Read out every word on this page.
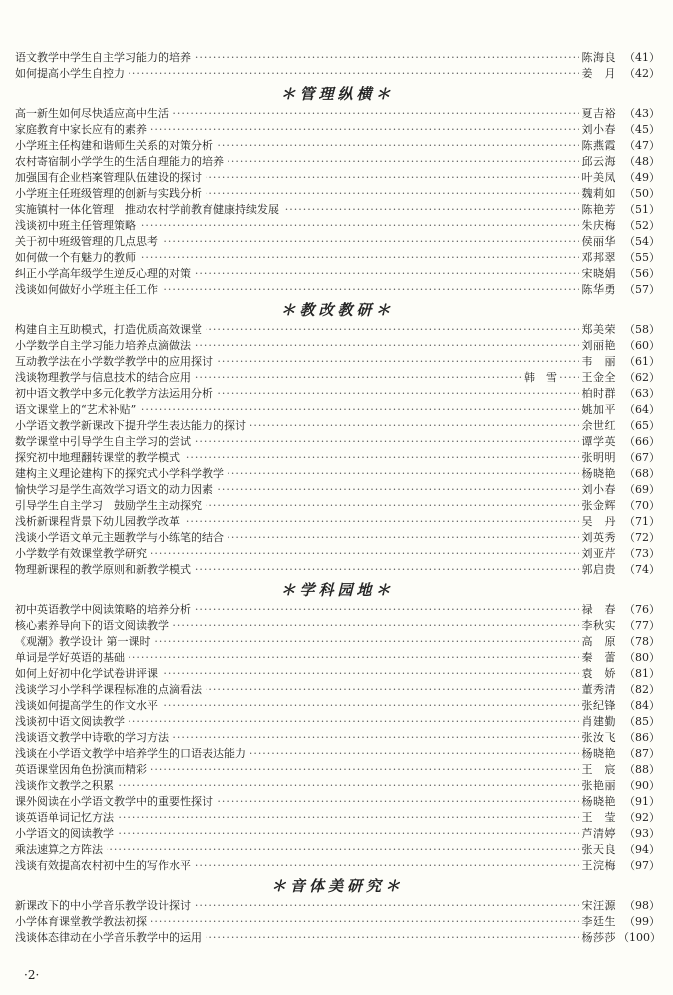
·····
语文教学中学生自主学习能力的培养	陈海良 （41）
·····
如何提高小学生自控力	姜　月 （42）
＊管理纵横＊
·····
高一新生如何尽快适应高中生活	夏吉裕 （43）
·····
家庭教育中家长应有的素养	刘小春 （45）
·····
小学班主任构建和谐师生关系的对策分析	陈燕霞 （47）
·····
农村寄宿制小学学生的生活自理能力的培养	邱云海 （48）
·····
加强国有企业档案管理队伍建设的探讨	叶美凤 （49）
·····
小学班主任班级管理的创新与实践分析	魏莉如 （50）
·····
实施镇村一体化管理　推动农村学前教育健康持续发展	陈艳芳 （51）
·····
浅谈初中班主任管理策略	朱庆梅 （52）
·····
关于初中班级管理的几点思考	侯丽华 （54）
·····
如何做一个有魅力的教师	邓邦翠 （55）
·····
纠正小学高年级学生逆反心理的对策	宋晓娟 （56）
·····
浅谈如何做好小学班主任工作	陈华勇 （57）
＊教改教研＊
·····
构建自主互助模式，打造优质高效课堂	郑美荣 （58）
·····
小学数学自主学习能力培养点滴做法	刘丽艳 （60）
·····
互动教学法在小学数学教学中的应用探讨	韦　丽 （61）
·····
浅谈物理教学与信息技术的结合应用	韩　雪 王金全 （62）
·····
初中语文教学中多元化教学方法运用分析	柏时群 （63）
·····
语文课堂上的“艺术补贴”	姚加平 （64）
·····
小学语文教学新课改下提升学生表达能力的探讨	余世红 （65）
·····
数学课堂中引导学生自主学习的尝试	谭学英 （66）
·····
探究初中地理翻转课堂的教学模式	张明明 （67）
·····
建构主义理论建构下的探究式小学科学教学	杨晓艳 （68）
·····
愉快学习是学生高效学习语文的动力因素	刘小春 （69）
·····
引导学生自主学习　鼓励学生主动探究	张金辉 （70）
·····
浅析新课程背景下幼儿园教学改革	吴　丹 （71）
·····
浅谈小学语文单元主题教学与小练笔的结合	刘英秀 （72）
·····
小学数学有效课堂教学研究	刘亚芹 （73）
·····
物理新课程的教学原则和新教学模式	郭启贵 （74）
＊学科园地＊
·····
初中英语教学中阅读策略的培养分析	禄　春 （76）
·····
核心素养导向下的语文阅读教学	李秋实 （77）
·····
《观潮》教学设计 第一课时	高　原 （78）
·····
单词是学好英语的基础	秦　蕾 （80）
·····
如何上好初中化学试卷讲评课	袁　娇 （81）
·····
浅谈学习小学科学课程标准的点滴看法	董秀清 （82）
·····
浅谈如何提高学生的作文水平	张纪锋 （84）
·····
浅谈初中语文阅读教学	肖建勤 （85）
·····
浅谈语文教学中诗歌的学习方法	张汝飞 （86）
·····
浅谈在小学语文教学中培养学生的口语表达能力	杨晓艳 （87）
·····
英语课堂因角色扮演而精彩	王　宸 （88）
·····
浅谈作文教学之积累	张艳丽 （90）
·····
课外阅读在小学语文教学中的重要性探讨	杨晓艳 （91）
·····
谈英语单词记忆方法	王　莹 （92）
·····
小学语文的阅读教学	芦清婷 （93）
·····
乘法速算之方阵法	张天良 （94）
·····
浅谈有效提高农村初中生的写作水平	王浣梅 （97）
＊音体美研究＊
·····
新课改下的中小学音乐教学设计探讨	宋汪源 （98）
·····
小学体育课堂教学教法初探	李廷生 （99）
·····
浅谈体态律动在小学音乐教学中的运用	杨莎莎 （100）
·2·
